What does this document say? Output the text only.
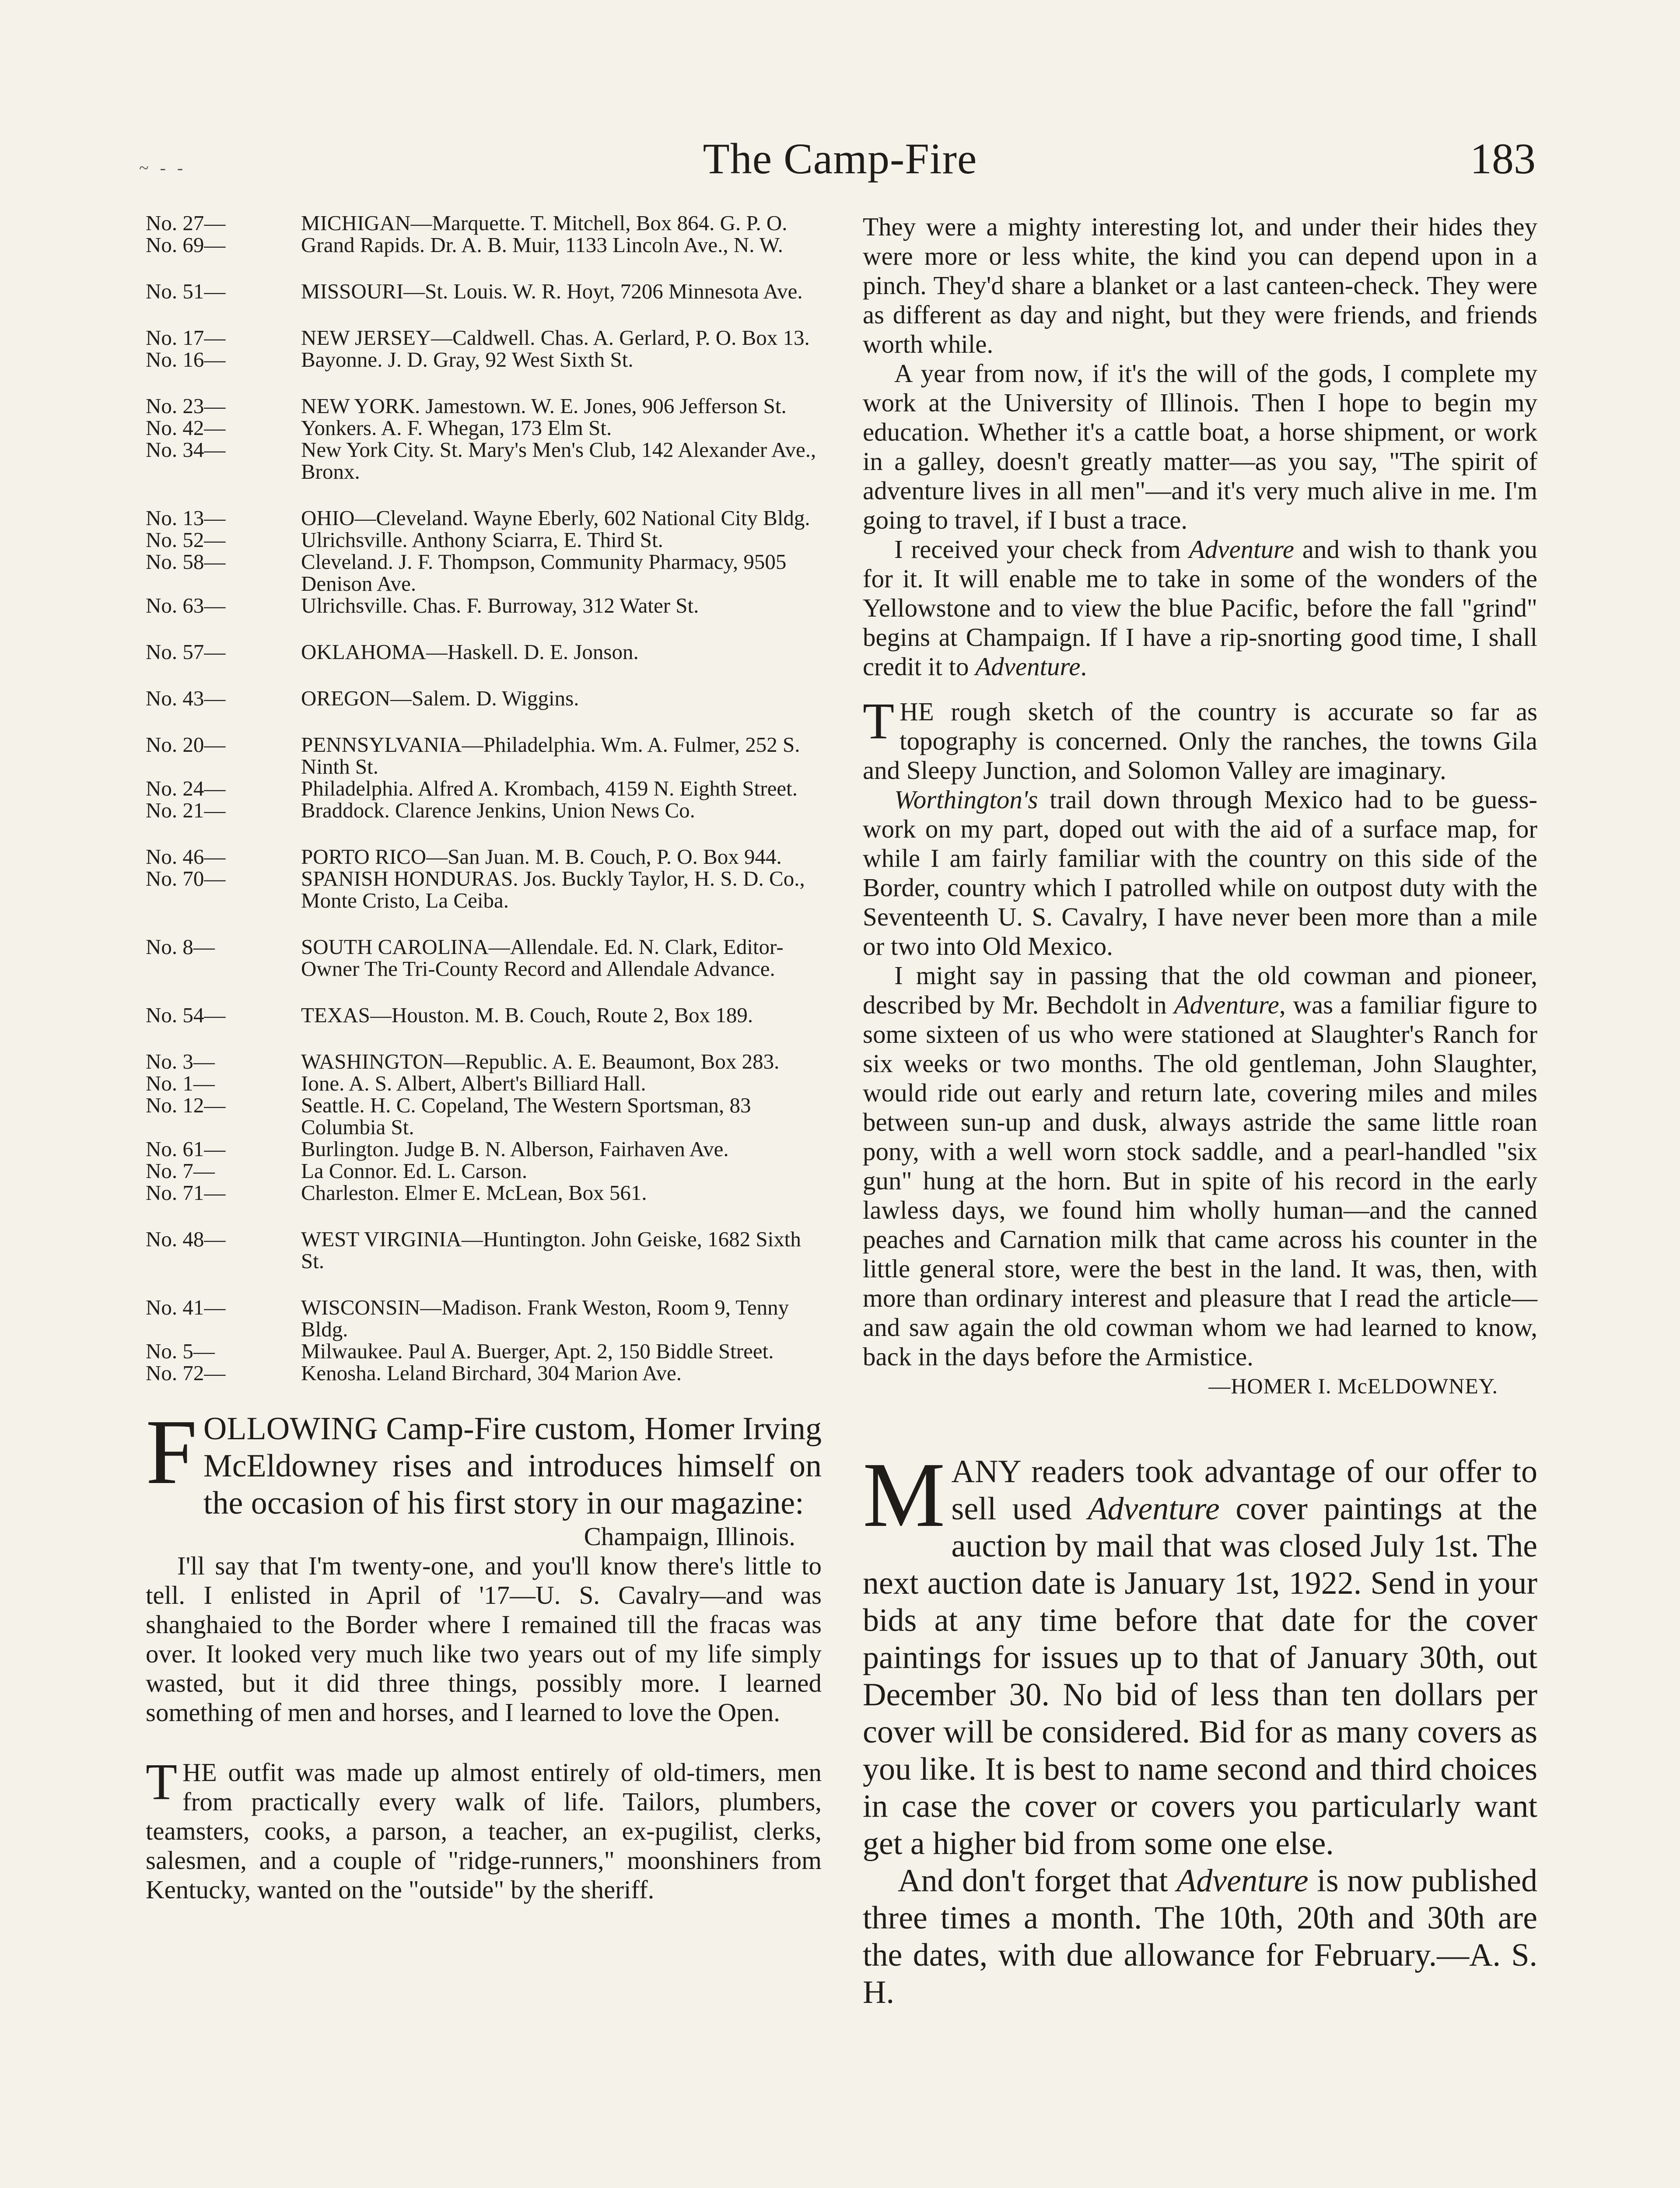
~ - -	The Camp-Fire	183
No. 27—	MICHIGAN—Marquette. T. Mitchell, Box 864. G. P. O.
No. 69—	Grand Rapids. Dr. A. B. Muir, 1133 Lincoln Ave., N. W.
No. 51—	MISSOURI—St. Louis. W. R. Hoyt, 7206 Minnesota Ave.
No. 17—	NEW JERSEY—Caldwell. Chas. A. Gerlard, P. O. Box 13.
No. 16—	Bayonne. J. D. Gray, 92 West Sixth St.
No. 23—	NEW YORK. Jamestown. W. E. Jones, 906 Jefferson St.
No. 42—	Yonkers. A. F. Whegan, 173 Elm St.
No. 34—	New York City. St. Mary's Men's Club, 142 Alexander Ave., Bronx.
No. 13—	OHIO—Cleveland. Wayne Eberly, 602 National City Bldg.
No. 52—	Ulrichsville. Anthony Sciarra, E. Third St.
No. 58—	Cleveland. J. F. Thompson, Community Pharmacy, 9505 Denison Ave.
No. 63—	Ulrichsville. Chas. F. Burroway, 312 Water St.
No. 57—	OKLAHOMA—Haskell. D. E. Jonson.
No. 43—	OREGON—Salem. D. Wiggins.
No. 20—	PENNSYLVANIA—Philadelphia. Wm. A. Fulmer, 252 S. Ninth St.
No. 24—	Philadelphia. Alfred A. Krombach, 4159 N. Eighth Street.
No. 21—	Braddock. Clarence Jenkins, Union News Co.
No. 46—	PORTO RICO—San Juan. M. B. Couch, P. O. Box 944.
No. 70—	SPANISH HONDURAS. Jos. Buckly Taylor, H. S. D. Co., Monte Cristo, La Ceiba.
No. 8—	SOUTH CAROLINA—Allendale. Ed. N. Clark, Editor-Owner The Tri-County Record and Allendale Advance.
No. 54—	TEXAS—Houston. M. B. Couch, Route 2, Box 189.
No. 3—	WASHINGTON—Republic. A. E. Beaumont, Box 283.
No. 1—	Ione. A. S. Albert, Albert's Billiard Hall.
No. 12—	Seattle. H. C. Copeland, The Western Sportsman, 83 Columbia St.
No. 61—	Burlington. Judge B. N. Alberson, Fairhaven Ave.
No. 7—	La Connor. Ed. L. Carson.
No. 71—	Charleston. Elmer E. McLean, Box 561.
No. 48—	WEST VIRGINIA—Huntington. John Geiske, 1682 Sixth St.
No. 41—	WISCONSIN—Madison. Frank Weston, Room 9, Tenny Bldg.
No. 5—	Milwaukee. Paul A. Buerger, Apt. 2, 150 Biddle Street.
No. 72—	Kenosha. Leland Birchard, 304 Marion Ave.

FOLLOWING Camp-Fire custom, Homer Irving McEldowney rises and introduces himself on the occasion of his first story in our magazine:

Champaign, Illinois.

I'll say that I'm twenty-one, and you'll know there's little to tell. I enlisted in April of '17—U. S. Cavalry—and was shanghaied to the Border where I remained till the fracas was over. It looked very much like two years out of my life simply wasted, but it did three things, possibly more. I learned something of men and horses, and I learned to love the Open.

THE outfit was made up almost entirely of old-timers, men from practically every walk of life. Tailors, plumbers, teamsters, cooks, a parson, a teacher, an ex-pugilist, clerks, salesmen, and a couple of "ridge-runners," moonshiners from Kentucky, wanted on the "outside" by the sheriff.

They were a mighty interesting lot, and under their hides they were more or less white, the kind you can depend upon in a pinch. They'd share a blanket or a last canteen-check. They were as different as day and night, but they were friends, and friends worth while.

A year from now, if it's the will of the gods, I complete my work at the University of Illinois. Then I hope to begin my education. Whether it's a cattle boat, a horse shipment, or work in a galley, doesn't greatly matter—as you say, "The spirit of adventure lives in all men"—and it's very much alive in me. I'm going to travel, if I bust a trace.

I received your check from Adventure and wish to thank you for it. It will enable me to take in some of the wonders of the Yellowstone and to view the blue Pacific, before the fall "grind" begins at Champaign. If I have a rip-snorting good time, I shall credit it to Adventure.

THE rough sketch of the country is accurate so far as topography is concerned. Only the ranches, the towns Gila and Sleepy Junction, and Solomon Valley are imaginary.

Worthington's trail down through Mexico had to be guess-work on my part, doped out with the aid of a surface map, for while I am fairly familiar with the country on this side of the Border, country which I patrolled while on outpost duty with the Seventeenth U. S. Cavalry, I have never been more than a mile or two into Old Mexico.

I might say in passing that the old cowman and pioneer, described by Mr. Bechdolt in Adventure, was a familiar figure to some sixteen of us who were stationed at Slaughter's Ranch for six weeks or two months. The old gentleman, John Slaughter, would ride out early and return late, covering miles and miles between sun-up and dusk, always astride the same little roan pony, with a well worn stock saddle, and a pearl-handled "six gun" hung at the horn. But in spite of his record in the early lawless days, we found him wholly human—and the canned peaches and Carnation milk that came across his counter in the little general store, were the best in the land. It was, then, with more than ordinary interest and pleasure that I read the article—and saw again the old cowman whom we had learned to know, back in the days before the Armistice.

—HOMER I. McELDOWNEY.

MANY readers took advantage of our offer to sell used Adventure cover paintings at the auction by mail that was closed July 1st. The next auction date is January 1st, 1922. Send in your bids at any time before that date for the cover paintings for issues up to that of January 30th, out December 30. No bid of less than ten dollars per cover will be considered. Bid for as many covers as you like. It is best to name second and third choices in case the cover or covers you particularly want get a higher bid from some one else.

And don't forget that Adventure is now published three times a month. The 10th, 20th and 30th are the dates, with due allowance for February.—A. S. H.
